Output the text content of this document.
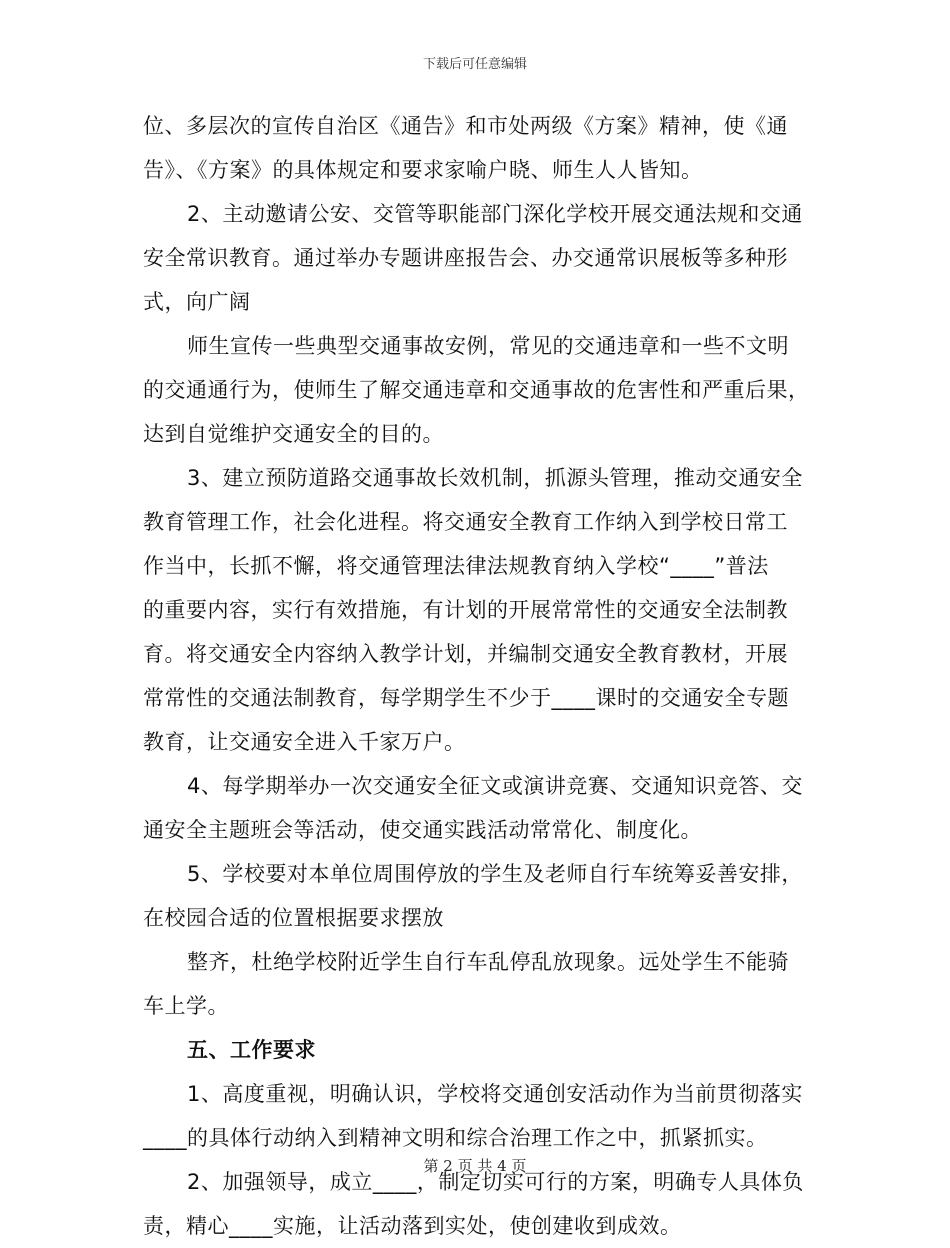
下载后可任意编辑
位、多层次的宣传自治区《通告》和市处两级《方案》精神，使《通
告》、《方案》的具体规定和要求家喻户晓、师生人人皆知。
2、主动邀请公安、交管等职能部门深化学校开展交通法规和交通
安全常识教育。通过举办专题讲座报告会、办交通常识展板等多种形
式，向广阔
师生宣传一些典型交通事故安例，常见的交通违章和一些不文明
的交通通行为，使师生了解交通违章和交通事故的危害性和严重后果，
达到自觉维护交通安全的目的。
3、建立预防道路交通事故长效机制，抓源头管理，推动交通安全
教育管理工作，社会化进程。将交通安全教育工作纳入到学校日常工
作当中，长抓不懈，将交通管理法律法规教育纳入学校“____”普法
的重要内容，实行有效措施，有计划的开展常常性的交通安全法制教
育。将交通安全内容纳入教学计划，并编制交通安全教育教材，开展
常常性的交通法制教育，每学期学生不少于____课时的交通安全专题
教育，让交通安全进入千家万户。
4、每学期举办一次交通安全征文或演讲竞赛、交通知识竞答、交
通安全主题班会等活动，使交通实践活动常常化、制度化。
5、学校要对本单位周围停放的学生及老师自行车统筹妥善安排，
在校园合适的位置根据要求摆放
整齐，杜绝学校附近学生自行车乱停乱放现象。远处学生不能骑
车上学。
五、工作要求
1、高度重视，明确认识，学校将交通创安活动作为当前贯彻落实
____的具体行动纳入到精神文明和综合治理工作之中，抓紧抓实。
2、加强领导，成立____，制定切实可行的方案，明确专人具体负
责，精心____实施，让活动落到实处，使创建收到成效。
第 2 页 共 4 页
